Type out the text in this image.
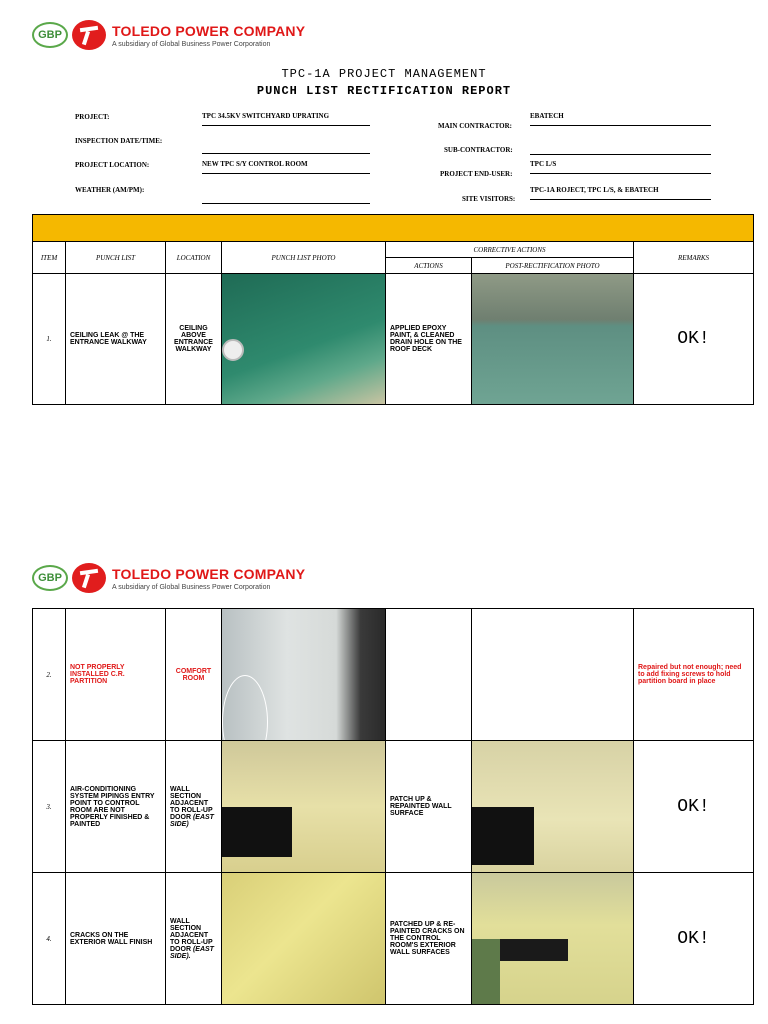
GBP	TOLEDO POWER COMPANY
A subsidiary of Global Business Power Corporation
TPC-1A PROJECT MANAGEMENT
PUNCH LIST RECTIFICATION REPORT
PROJECT:	TPC 34.5KV SWITCHYARD UPRATING
INSPECTION DATE/TIME:
PROJECT LOCATION:	NEW TPC S/Y CONTROL ROOM
WEATHER (AM/PM):
MAIN CONTRACTOR:
EBATECH
SUB-CONTRACTOR:
PROJECT END-USER:
TPC L/S
SITE VISITORS:
TPC-1A ROJECT, TPC L/S, & EBATECH

ITEM	PUNCH LIST	LOCATION	PUNCH LIST PHOTO	CORRECTIVE ACTIONS		REMARKS
				ACTIONS	POST-RECTIFICATION PHOTO	
1.	CEILING LEAK @ THE ENTRANCE WALKWAY	CEILING ABOVE ENTRANCE WALKWAY		APPLIED EPOXY PAINT, & CLEANED DRAIN HOLE ON THE ROOF DECK		OK!
GBP	TOLEDO POWER COMPANY
A subsidiary of Global Business Power Corporation
2.	NOT PROPERLY INSTALLED C.R. PARTITION	COMFORT ROOM				Repaired but not enough; need to add fixing screws to hold partition board in place
3.	AIR-CONDITIONING SYSTEM PIPINGS ENTRY POINT TO CONTROL ROOM ARE NOT PROPERLY FINISHED & PAINTED	WALL SECTION ADJACENT TO ROLL-UP DOOR (EAST SIDE)		PATCH UP & REPAINTED WALL SURFACE		OK!
4.	CRACKS ON THE EXTERIOR WALL FINISH	WALL SECTION ADJACENT TO ROLL-UP DOOR (EAST SIDE).		PATCHED UP & RE-PAINTED CRACKS ON THE CONTROL ROOM'S EXTERIOR WALL SURFACES		OK!
